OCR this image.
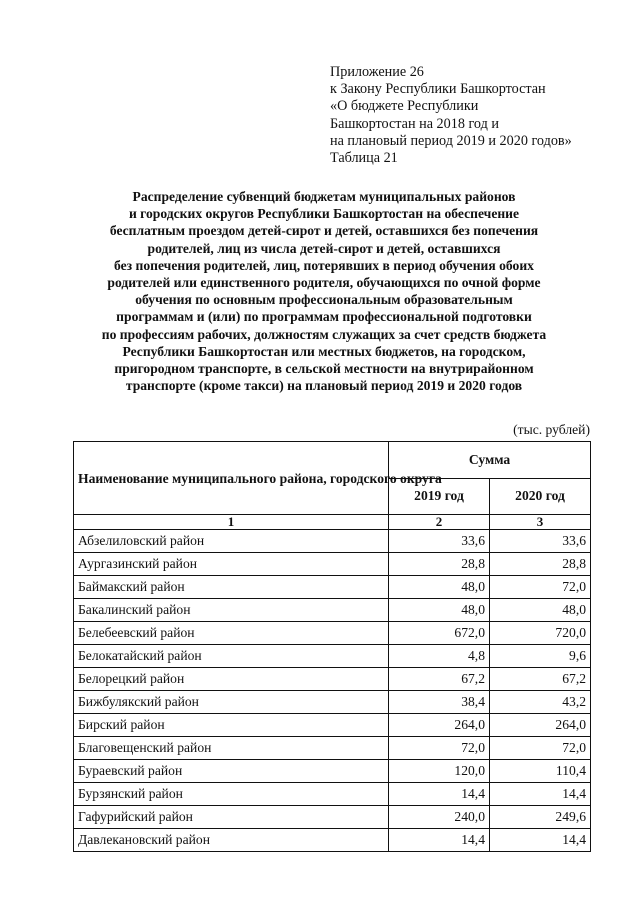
Приложение 26
к Закону Республики Башкортостан
«О бюджете Республики
Башкортостан на 2018 год и
на плановый период 2019 и 2020 годов»
Таблица 21
Распределение субвенций бюджетам муниципальных районов
и городских округов Республики Башкортостан на обеспечение
бесплатным проездом детей-сирот и детей, оставшихся без попечения
родителей, лиц из числа детей-сирот и детей, оставшихся
без попечения родителей, лиц, потерявших в период обучения обоих
родителей или единственного родителя, обучающихся по очной форме
обучения по основным профессиональным образовательным
программам и (или) по программам профессиональной подготовки
по профессиям рабочих, должностям служащих за счет средств бюджета
Республики Башкортостан или местных бюджетов, на городском,
пригородном транспорте, в сельской местности на внутрирайонном
транспорте (кроме такси) на плановый период 2019 и 2020 годов
(тыс. рублей)
Наименование муниципального района, городского округа	Сумма	
	2019 год	2020 год
1	2	3
Абзелиловский район	33,6	33,6
Аургазинский район	28,8	28,8
Баймакский район	48,0	72,0
Бакалинский район	48,0	48,0
Белебеевский район	672,0	720,0
Белокатайский район	4,8	9,6
Белорецкий район	67,2	67,2
Бижбулякский район	38,4	43,2
Бирский район	264,0	264,0
Благовещенский район	72,0	72,0
Бураевский район	120,0	110,4
Бурзянский район	14,4	14,4
Гафурийский район	240,0	249,6
Давлекановский район	14,4	14,4
